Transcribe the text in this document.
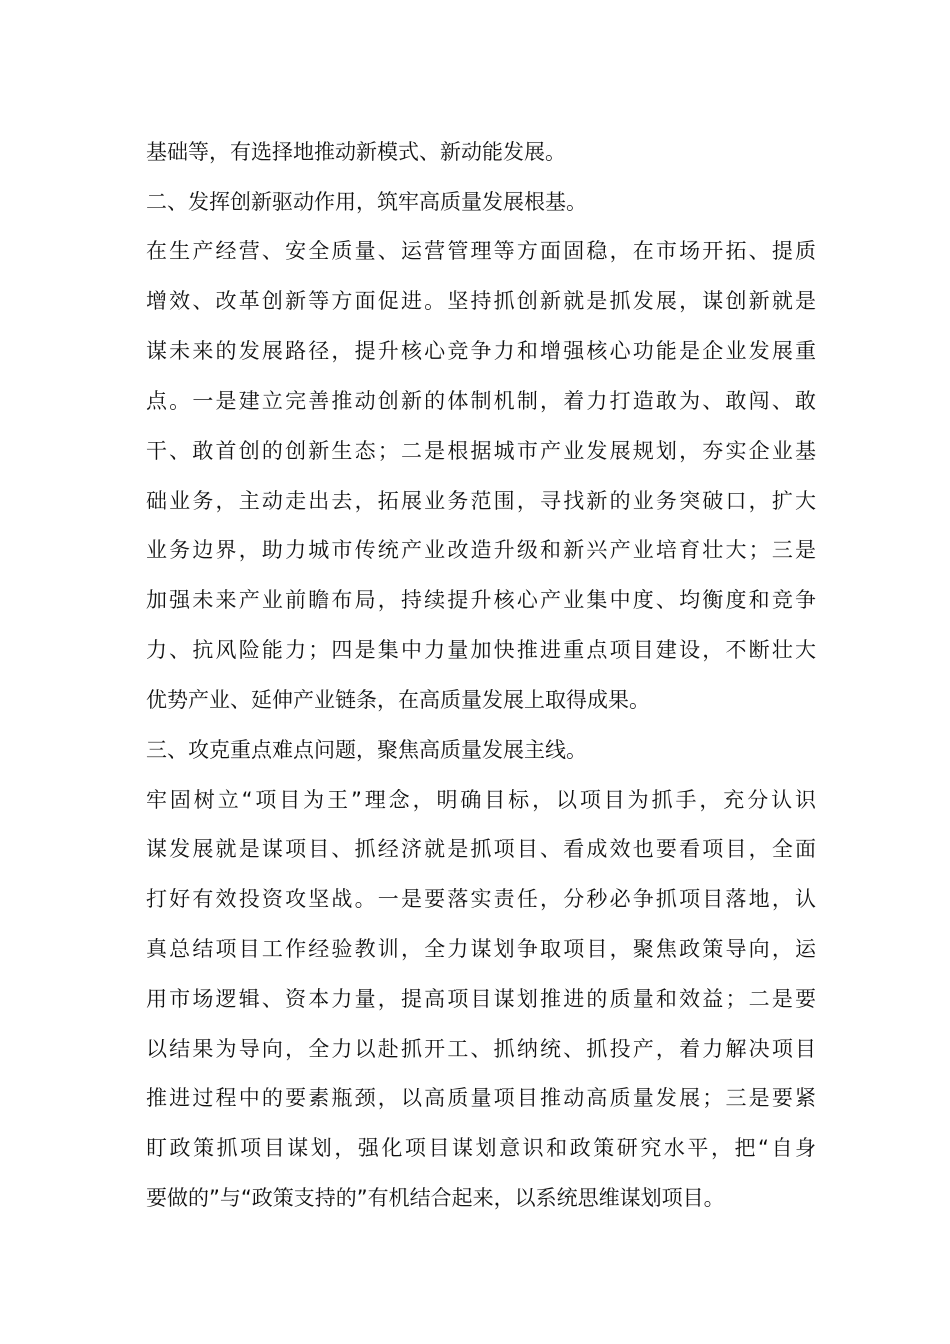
基础等，有选择地推动新模式、新动能发展。
二、发挥创新驱动作用，筑牢高质量发展根基。
在生产经营、安全质量、运营管理等方面固稳，在市场开拓、提质
增效、改革创新等方面促进。坚持抓创新就是抓发展，谋创新就是
谋未来的发展路径，提升核心竞争力和增强核心功能是企业发展重
点。一是建立完善推动创新的体制机制，着力打造敢为、敢闯、敢
干、敢首创的创新生态；二是根据城市产业发展规划，夯实企业基
础业务，主动走出去，拓展业务范围，寻找新的业务突破口，扩大
业务边界，助力城市传统产业改造升级和新兴产业培育壮大；三是
加强未来产业前瞻布局，持续提升核心产业集中度、均衡度和竞争
力、抗风险能力；四是集中力量加快推进重点项目建设，不断壮大
优势产业、延伸产业链条，在高质量发展上取得成果。
三、攻克重点难点问题，聚焦高质量发展主线。
牢固树立“项目为王”理念，明确目标，以项目为抓手，充分认识
谋发展就是谋项目、抓经济就是抓项目、看成效也要看项目，全面
打好有效投资攻坚战。一是要落实责任，分秒必争抓项目落地，认
真总结项目工作经验教训，全力谋划争取项目，聚焦政策导向，运
用市场逻辑、资本力量，提高项目谋划推进的质量和效益；二是要
以结果为导向，全力以赴抓开工、抓纳统、抓投产，着力解决项目
推进过程中的要素瓶颈，以高质量项目推动高质量发展；三是要紧
盯政策抓项目谋划，强化项目谋划意识和政策研究水平，把“自身
要做的”与“政策支持的”有机结合起来，以系统思维谋划项目。
